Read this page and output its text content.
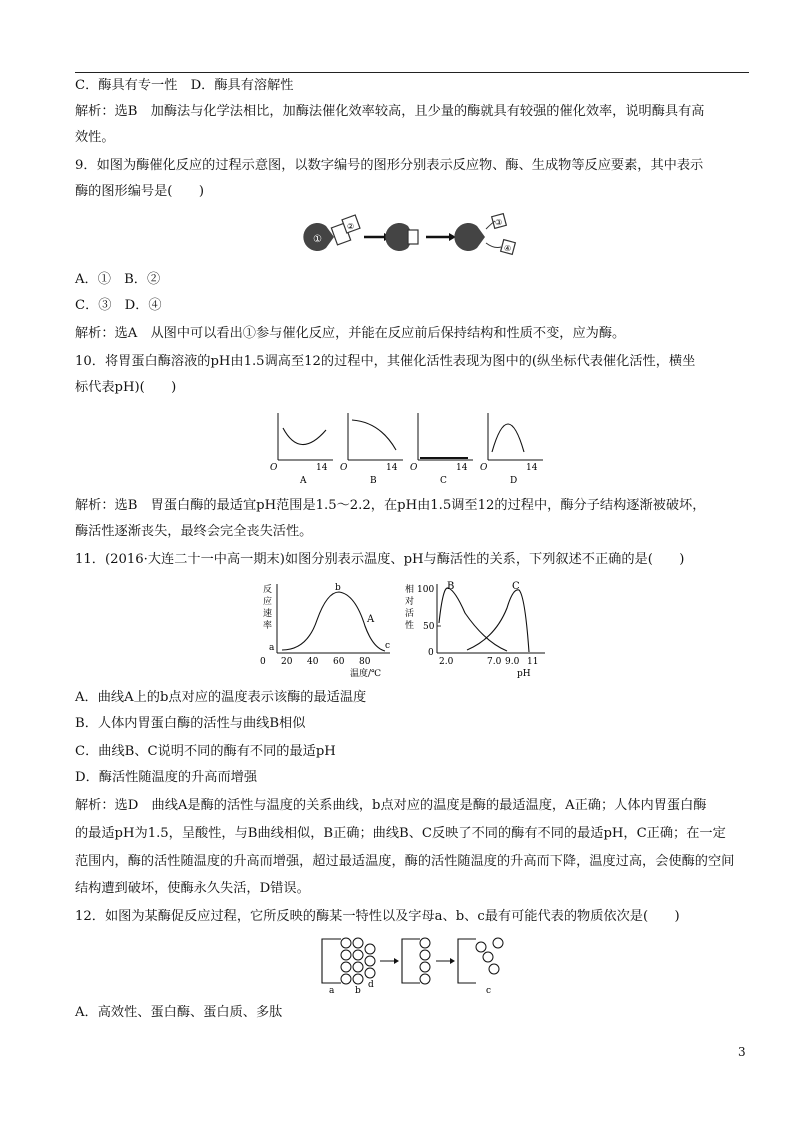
C．酶具有专一性　D．酶具有溶解性
解析：选B　加酶法与化学法相比，加酶法催化效率较高，且少量的酶就具有较强的催化效率，说明酶具有高
效性。
9．如图为酶催化反应的过程示意图，以数字编号的图形分别表示反应物、酶、生成物等反应要素，其中表示
酶的图形编号是(　　)
①
②	③
④
A．①　B．②
C．③　D．④
解析：选A　从图中可以看出①参与催化反应，并能在反应前后保持结构和性质不变，应为酶。
10．将胃蛋白酶溶液的pH由1.5调高至12的过程中，其催化活性表现为图中的(纵坐标代表催化活性，横坐
标代表pH)(　　)
O	14
A
O	14
B
O	14
C
O	14
D
解析：选B　胃蛋白酶的最适宜pH范围是1.5～2.2，在pH由1.5调至12的过程中，酶分子结构逐渐被破坏，
酶活性逐渐丧失，最终会完全丧失活性。
11．(2016·大连二十一中高一期末)如图分别表示温度、pH与酶活性的关系，下列叙述不正确的是(　　)
反
应
速
率
a
b
c
A
0 20 40 60 80
温度/℃
相
对
活
性
100
50
0
B	C
2.0	7.0 9.0 11
pH
A．曲线A上的b点对应的温度表示该酶的最适温度
B．人体内胃蛋白酶的活性与曲线B相似
C．曲线B、C说明不同的酶有不同的最适pH
D．酶活性随温度的升高而增强
解析：选D　曲线A是酶的活性与温度的关系曲线，b点对应的温度是酶的最适温度，A正确；人体内胃蛋白酶
的最适pH为1.5，呈酸性，与B曲线相似，B正确；曲线B、C反映了不同的酶有不同的最适pH，C正确；在一定
范围内，酶的活性随温度的升高而增强，超过最适温度，酶的活性随温度的升高而下降，温度过高，会使酶的空间
结构遭到破坏，使酶永久失活，D错误。
12．如图为某酶促反应过程，它所反映的酶某一特性以及字母a、b、c最有可能代表的物质依次是(　　)
a b
d
c
A．高效性、蛋白酶、蛋白质、多肽
3
